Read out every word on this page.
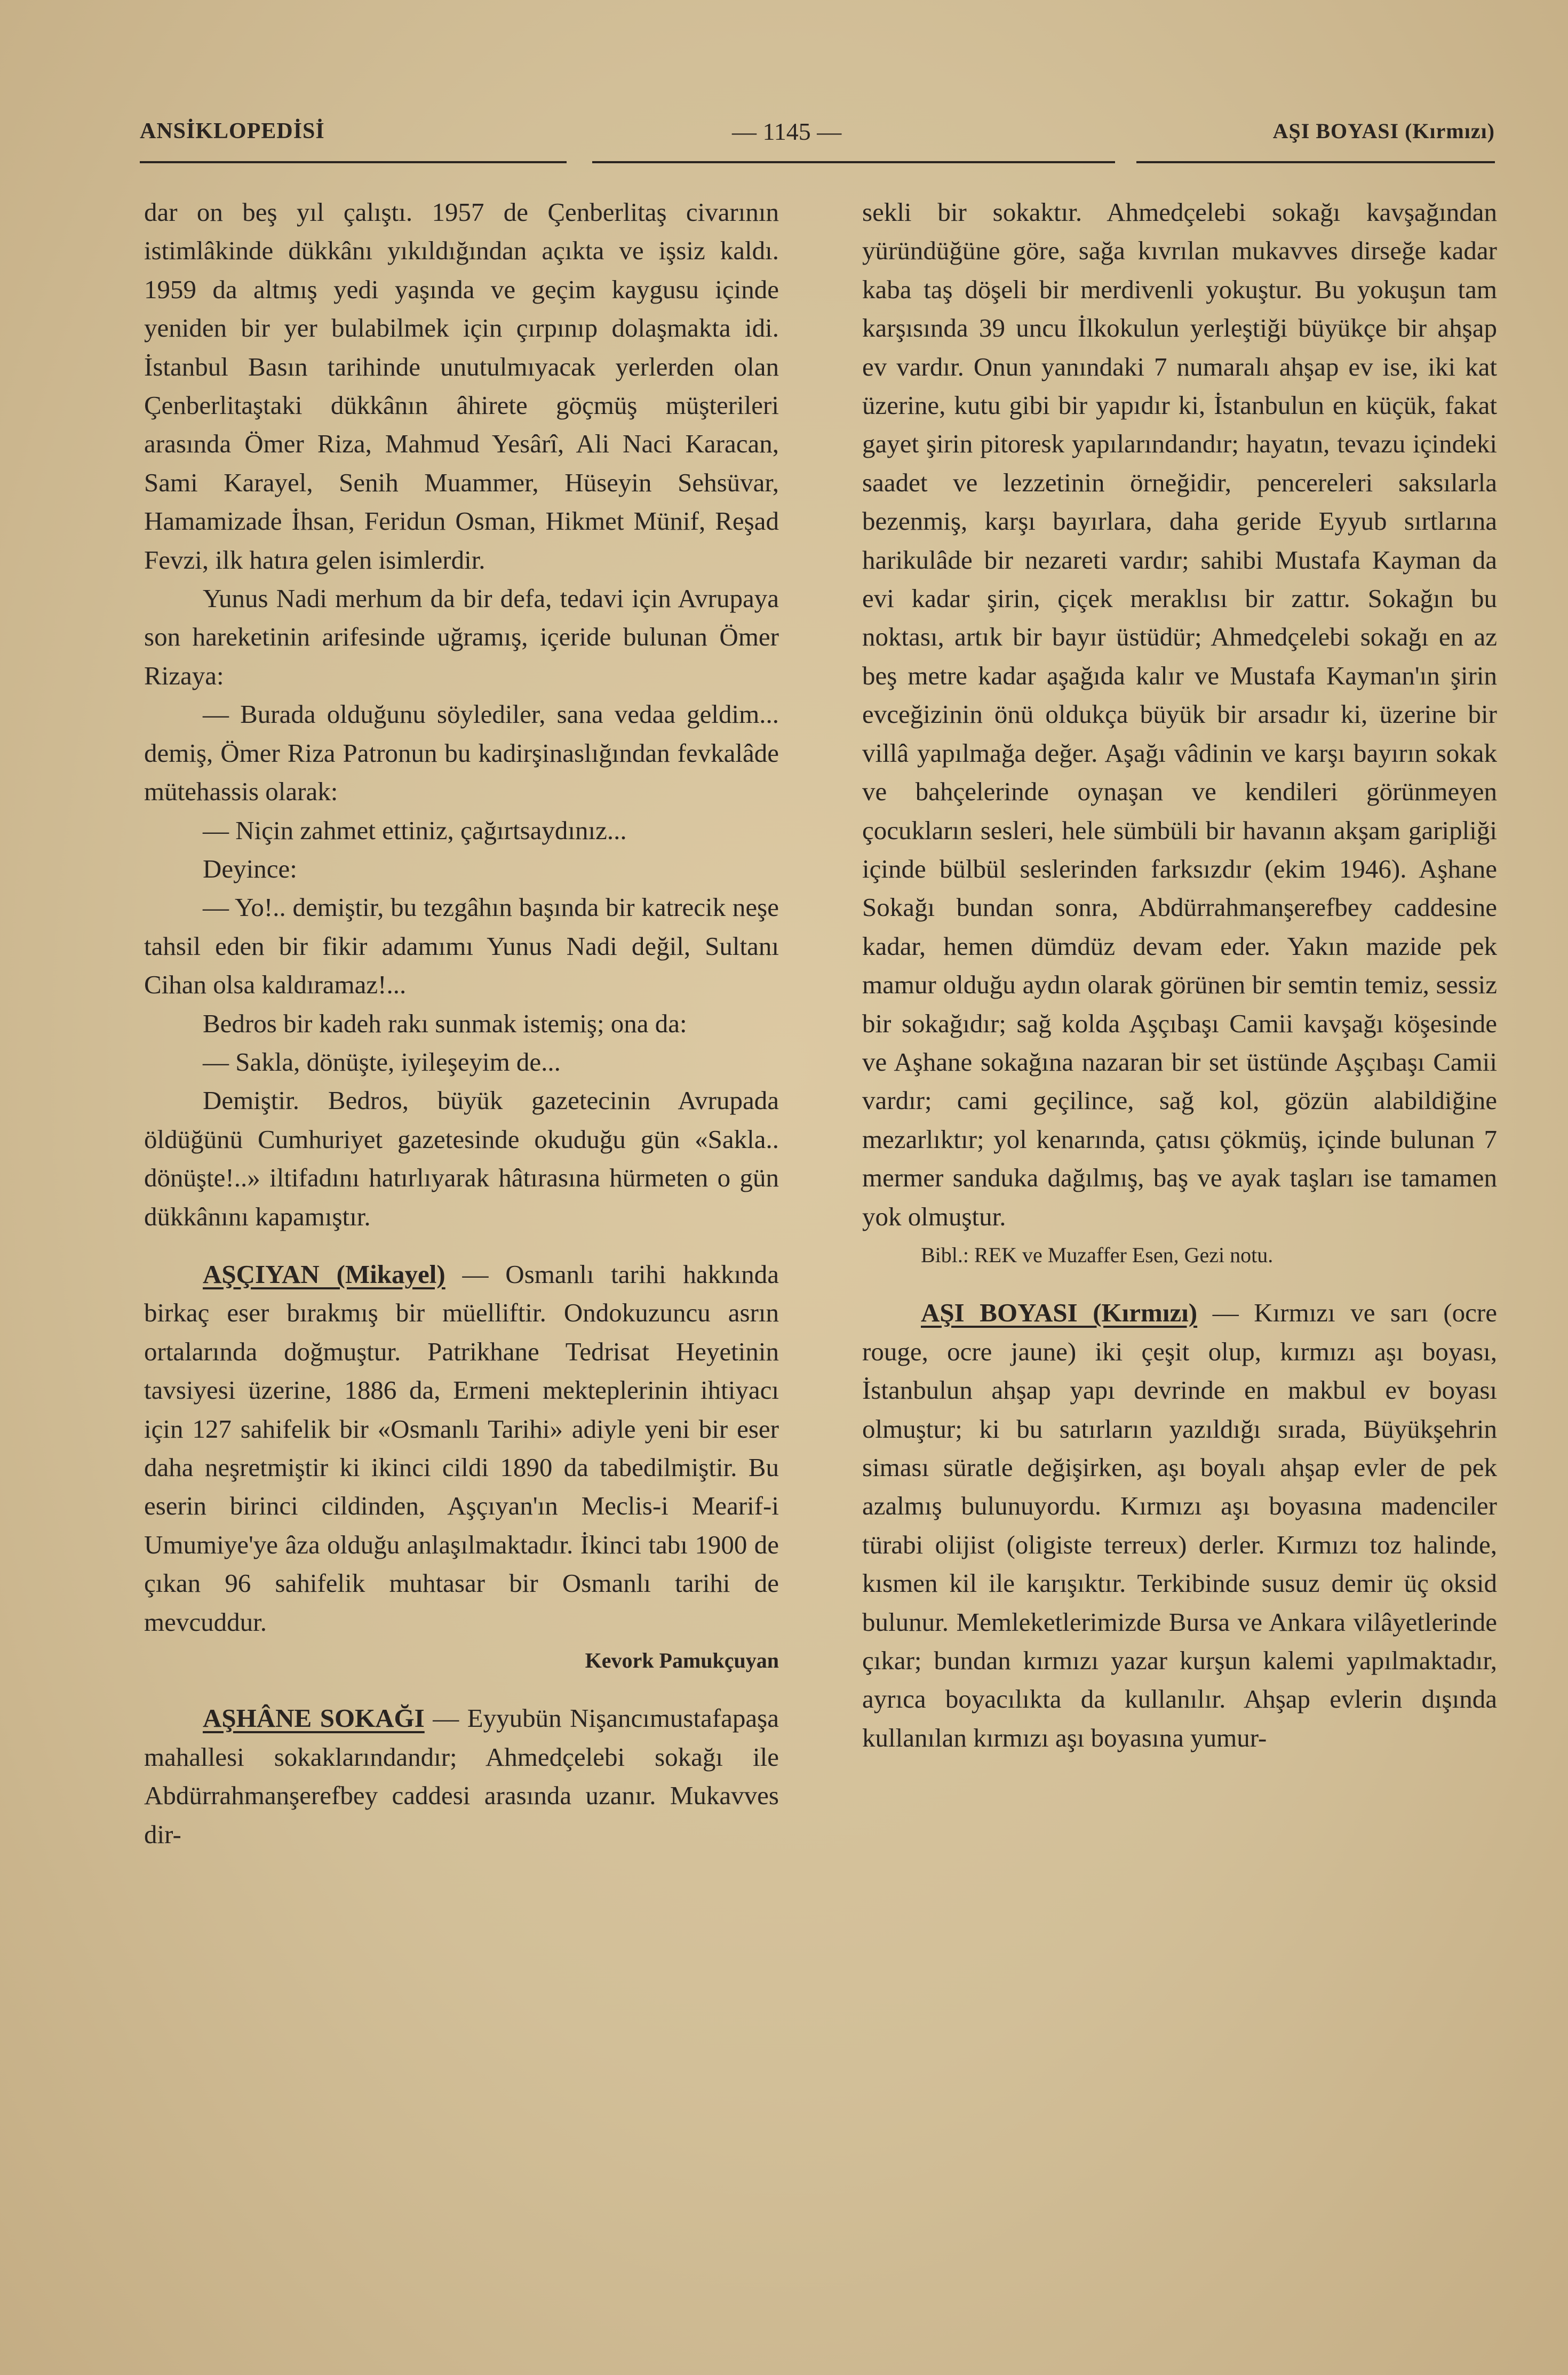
ANSİKLOPEDİSİ	— 1145 —	AŞI BOYASI (Kırmızı)

dar on beş yıl çalıştı. 1957 de Çenberlitaş civarının istimlâkinde dükkânı yıkıldığından açıkta ve işsiz kaldı. 1959 da altmış yedi yaşında ve geçim kaygusu içinde yeniden bir yer bulabilmek için çırpınıp dolaşmakta idi. İstanbul Basın tarihinde unutulmıyacak yerlerden olan Çenberlitaştaki dükkânın âhirete göçmüş müşterileri arasında Ömer Riza, Mahmud Yesârî, Ali Naci Karacan, Sami Karayel, Senih Muammer, Hüseyin Sehsüvar, Hamamizade İhsan, Feridun Osman, Hikmet Münif, Reşad Fevzi, ilk hatıra gelen isimlerdir.

Yunus Nadi merhum da bir defa, tedavi için Avrupaya son hareketinin arifesinde uğramış, içeride bulunan Ömer Rizaya:

— Burada olduğunu söylediler, sana vedaa geldim... demiş, Ömer Riza Patronun bu kadirşinaslığından fevkalâde mütehassis olarak:

— Niçin zahmet ettiniz, çağırtsaydınız...

Deyince:

— Yo!.. demiştir, bu tezgâhın başında bir katrecik neşe tahsil eden bir fikir adamımı Yunus Nadi değil, Sultanı Cihan olsa kaldıramaz!...

Bedros bir kadeh rakı sunmak istemiş; ona da:

— Sakla, dönüşte, iyileşeyim de...

Demiştir. Bedros, büyük gazetecinin Avrupada öldüğünü Cumhuriyet gazetesinde okuduğu gün «Sakla.. dönüşte!..» iltifadını hatırlıyarak hâtırasına hürmeten o gün dükkânını kapamıştır.

AŞÇIYAN (Mikayel) — Osmanlı tarihi hakkında birkaç eser bırakmış bir müelliftir. Ondokuzuncu asrın ortalarında doğmuştur. Patrikhane Tedrisat Heyetinin tavsiyesi üzerine, 1886 da, Ermeni mekteplerinin ihtiyacı için 127 sahifelik bir «Osmanlı Tarihi» adiyle yeni bir eser daha neşretmiştir ki ikinci cildi 1890 da tabedilmiştir. Bu eserin birinci cildinden, Aşçıyan'ın Meclis-i Mearif-i Umumiye'ye âza olduğu anlaşılmaktadır. İkinci tabı 1900 de çıkan 96 sahifelik muhtasar bir Osmanlı tarihi de mevcuddur.

Kevork Pamukçuyan

AŞHÂNE SOKAĞI — Eyyubün Nişancımustafapaşa mahallesi sokaklarındandır; Ahmedçelebi sokağı ile Abdürrahmanşerefbey caddesi arasında uzanır. Mukavves dir-

sekli bir sokaktır. Ahmedçelebi sokağı kavşağından yüründüğüne göre, sağa kıvrılan mukavves dirseğe kadar kaba taş döşeli bir merdivenli yokuştur. Bu yokuşun tam karşısında 39 uncu İlkokulun yerleştiği büyükçe bir ahşap ev vardır. Onun yanındaki 7 numaralı ahşap ev ise, iki kat üzerine, kutu gibi bir yapıdır ki, İstanbulun en küçük, fakat gayet şirin pitoresk yapılarındandır; hayatın, tevazu içindeki saadet ve lezzetinin örneğidir, pencereleri saksılarla bezenmiş, karşı bayırlara, daha geride Eyyub sırtlarına harikulâde bir nezareti vardır; sahibi Mustafa Kayman da evi kadar şirin, çiçek meraklısı bir zattır. Sokağın bu noktası, artık bir bayır üstüdür; Ahmedçelebi sokağı en az beş metre kadar aşağıda kalır ve Mustafa Kayman'ın şirin evceğizinin önü oldukça büyük bir arsadır ki, üzerine bir villâ yapılmağa değer. Aşağı vâdinin ve karşı bayırın sokak ve bahçelerinde oynaşan ve kendileri görünmeyen çocukların sesleri, hele sümbüli bir havanın akşam garipliği içinde bülbül seslerinden farksızdır (ekim 1946). Aşhane Sokağı bundan sonra, Abdürrahmanşerefbey caddesine kadar, hemen dümdüz devam eder. Yakın mazide pek mamur olduğu aydın olarak görünen bir semtin temiz, sessiz bir sokağıdır; sağ kolda Aşçıbaşı Camii kavşağı köşesinde ve Aşhane sokağına nazaran bir set üstünde Aşçıbaşı Camii vardır; cami geçilince, sağ kol, gözün alabildiğine mezarlıktır; yol kenarında, çatısı çökmüş, içinde bulunan 7 mermer sanduka dağılmış, baş ve ayak taşları ise tamamen yok olmuştur.

Bibl.: REK ve Muzaffer Esen, Gezi notu.

AŞI BOYASI (Kırmızı) — Kırmızı ve sarı (ocre rouge, ocre jaune) iki çeşit olup, kırmızı aşı boyası, İstanbulun ahşap yapı devrinde en makbul ev boyası olmuştur; ki bu satırların yazıldığı sırada, Büyükşehrin siması süratle değişirken, aşı boyalı ahşap evler de pek azalmış bulunuyordu. Kırmızı aşı boyasına madenciler türabi olijist (oligiste terreux) derler. Kırmızı toz halinde, kısmen kil ile karışıktır. Terkibinde susuz demir üç oksid bulunur. Memleketlerimizde Bursa ve Ankara vilâyetlerinde çıkar; bundan kırmızı yazar kurşun kalemi yapılmaktadır, ayrıca boyacılıkta da kullanılır. Ahşap evlerin dışında kullanılan kırmızı aşı boyasına yumur-
